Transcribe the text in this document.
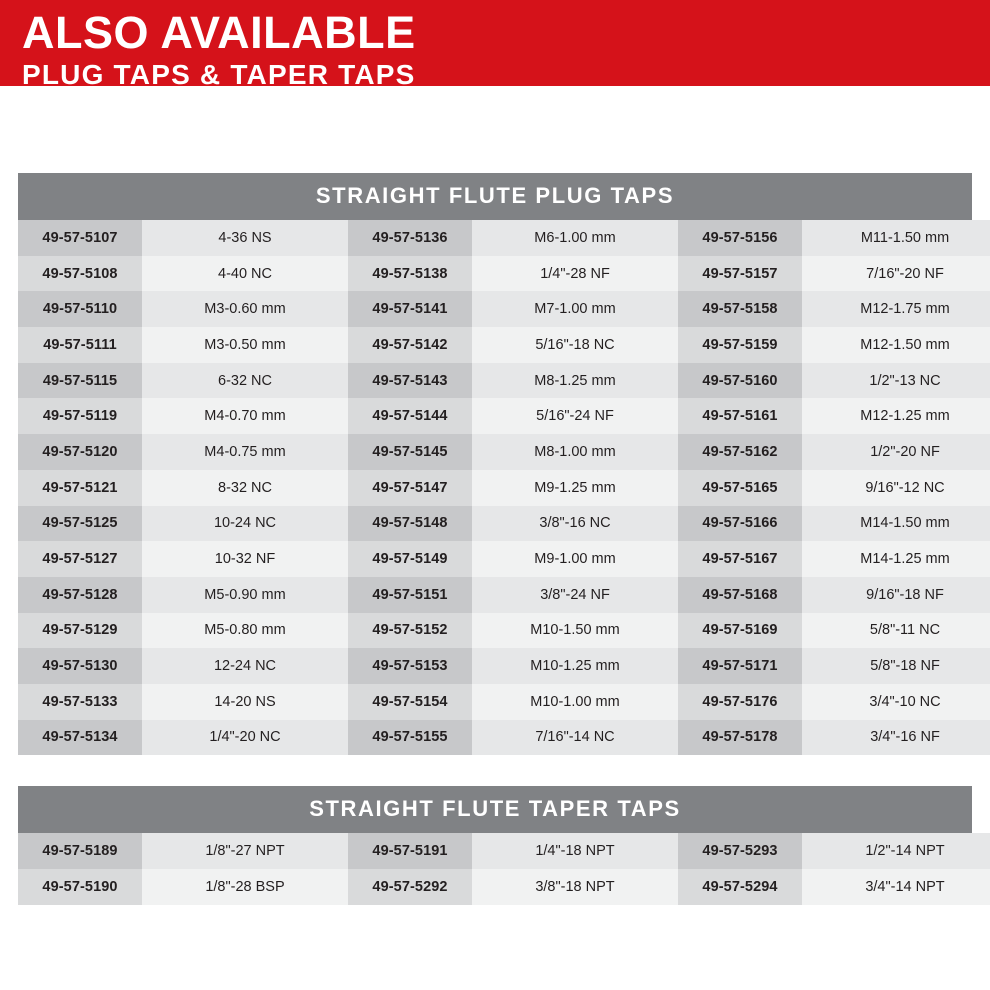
ALSO AVAILABLE
PLUG TAPS & TAPER TAPS
STRAIGHT FLUTE PLUG TAPS
49-57-5107	4-36 NS	49-57-5136	M6-1.00 mm	49-57-5156	M11-1.50 mm
49-57-5108	4-40 NC	49-57-5138	1/4"-28 NF	49-57-5157	7/16"-20 NF
49-57-5110	M3-0.60 mm	49-57-5141	M7-1.00 mm	49-57-5158	M12-1.75 mm
49-57-5111	M3-0.50 mm	49-57-5142	5/16"-18 NC	49-57-5159	M12-1.50 mm
49-57-5115	6-32 NC	49-57-5143	M8-1.25 mm	49-57-5160	1/2"-13 NC
49-57-5119	M4-0.70 mm	49-57-5144	5/16"-24 NF	49-57-5161	M12-1.25 mm
49-57-5120	M4-0.75 mm	49-57-5145	M8-1.00 mm	49-57-5162	1/2"-20 NF
49-57-5121	8-32 NC	49-57-5147	M9-1.25 mm	49-57-5165	9/16"-12 NC
49-57-5125	10-24 NC	49-57-5148	3/8"-16 NC	49-57-5166	M14-1.50 mm
49-57-5127	10-32 NF	49-57-5149	M9-1.00 mm	49-57-5167	M14-1.25 mm
49-57-5128	M5-0.90 mm	49-57-5151	3/8"-24 NF	49-57-5168	9/16"-18 NF
49-57-5129	M5-0.80 mm	49-57-5152	M10-1.50 mm	49-57-5169	5/8"-11 NC
49-57-5130	12-24 NC	49-57-5153	M10-1.25 mm	49-57-5171	5/8"-18 NF
49-57-5133	14-20 NS	49-57-5154	M10-1.00 mm	49-57-5176	3/4"-10 NC
49-57-5134	1/4"-20 NC	49-57-5155	7/16"-14 NC	49-57-5178	3/4"-16 NF
STRAIGHT FLUTE TAPER TAPS
49-57-5189	1/8"-27 NPT	49-57-5191	1/4"-18 NPT	49-57-5293	1/2"-14 NPT
49-57-5190	1/8"-28 BSP	49-57-5292	3/8"-18 NPT	49-57-5294	3/4"-14 NPT
